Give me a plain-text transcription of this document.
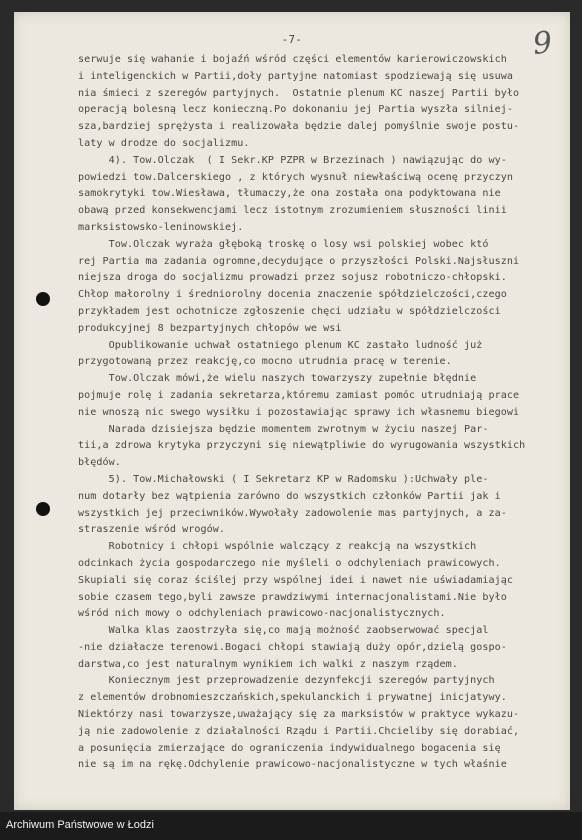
-7-	9
serwuje się wahanie i bojaźń wśród części elementów karierowiczowskich
i inteligenckich w Partii,doły partyjne natomiast spodziewają się usuwa
nia śmieci z szeregów partyjnych.  Ostatnie plenum KC naszej Partii było
operacją bolesną lecz konieczną.Po dokonaniu jej Partia wyszła silniej-
sza,bardziej sprężysta i realizowała będzie dalej pomyślnie swoje postu-
laty w drodze do socjalizmu.
4). Tow.Olczak  ( I Sekr.KP PZPR w Brzezinach ) nawiązując do wy-
powiedzi tow.Dalcerskiego , z których wysnuł niewłaściwą ocenę przyczyn
samokrytyki tow.Wiesława, tłumaczy,że ona została ona podyktowana nie
obawą przed konsekwencjami lecz istotnym zrozumieniem słuszności linii
marksistowsko-leninowskiej.
Tow.Olczak wyraża głęboką troskę o losy wsi polskiej wobec któ
rej Partia ma zadania ogromne,decydujące o przyszłości Polski.Najsłuszni
niejsza droga do socjalizmu prowadzi przez sojusz robotniczo-chłopski.
Chłop małorolny i średniorolny docenia znaczenie spółdzielczości,czego
przykładem jest ochotnicze zgłoszenie chęci udziału w spółdzielczości
produkcyjnej 8 bezpartyjnych chłopów we wsi
Opublikowanie uchwał ostatniego plenum KC zastało ludność już
przygotowaną przez reakcję,co mocno utrudnia pracę w terenie.
Tow.Olczak mówi,że wielu naszych towarzyszy zupełnie błędnie
pojmuje rolę i zadania sekretarza,któremu zamiast pomóc utrudniają prace
nie wnoszą nic swego wysiłku i pozostawiając sprawy ich własnemu biegowi
Narada dzisiejsza będzie momentem zwrotnym w życiu naszej Par-
tii,a zdrowa krytyka przyczyni się niewątpliwie do wyrugowania wszystkich
błędów.
5). Tow.Michałowski ( I Sekretarz KP w Radomsku ):Uchwały ple-
num dotarły bez wątpienia zarówno do wszystkich członków Partii jak i
wszystkich jej przeciwników.Wywołały zadowolenie mas partyjnych, a za-
straszenie wśród wrogów.
Robotnicy i chłopi wspólnie walczący z reakcją na wszystkich
odcinkach życia gospodarczego nie myśleli o odchyleniach prawicowych.
Skupiali się coraz ściślej przy wspólnej idei i nawet nie uświadamiając
sobie czasem tego,byli zawsze prawdziwymi internacjonalistami.Nie było
wśród nich mowy o odchyleniach prawicowo-nacjonalistycznych.
Walka klas zaostrzyła się,co mają możność zaobserwować specjal
-nie działacze terenowi.Bogaci chłopi stawiają duży opór,dzielą gospo-
darstwa,co jest naturalnym wynikiem ich walki z naszym rządem.
Koniecznym jest przeprowadzenie dezynfekcji szeregów partyjnych
z elementów drobnomieszczańskich,spekulanckich i prywatnej inicjatywy.
Niektórzy nasi towarzysze,uważający się za marksistów w praktyce wykazu-
ją nie zadowolenie z działalności Rządu i Partii.Chcieliby się dorabiać,
a posunięcia zmierzające do ograniczenia indywidualnego bogacenia się
nie są im na rękę.Odchylenie prawicowo-nacjonalistyczne w tych właśnie
Archiwum Państwowe w Łodzi
